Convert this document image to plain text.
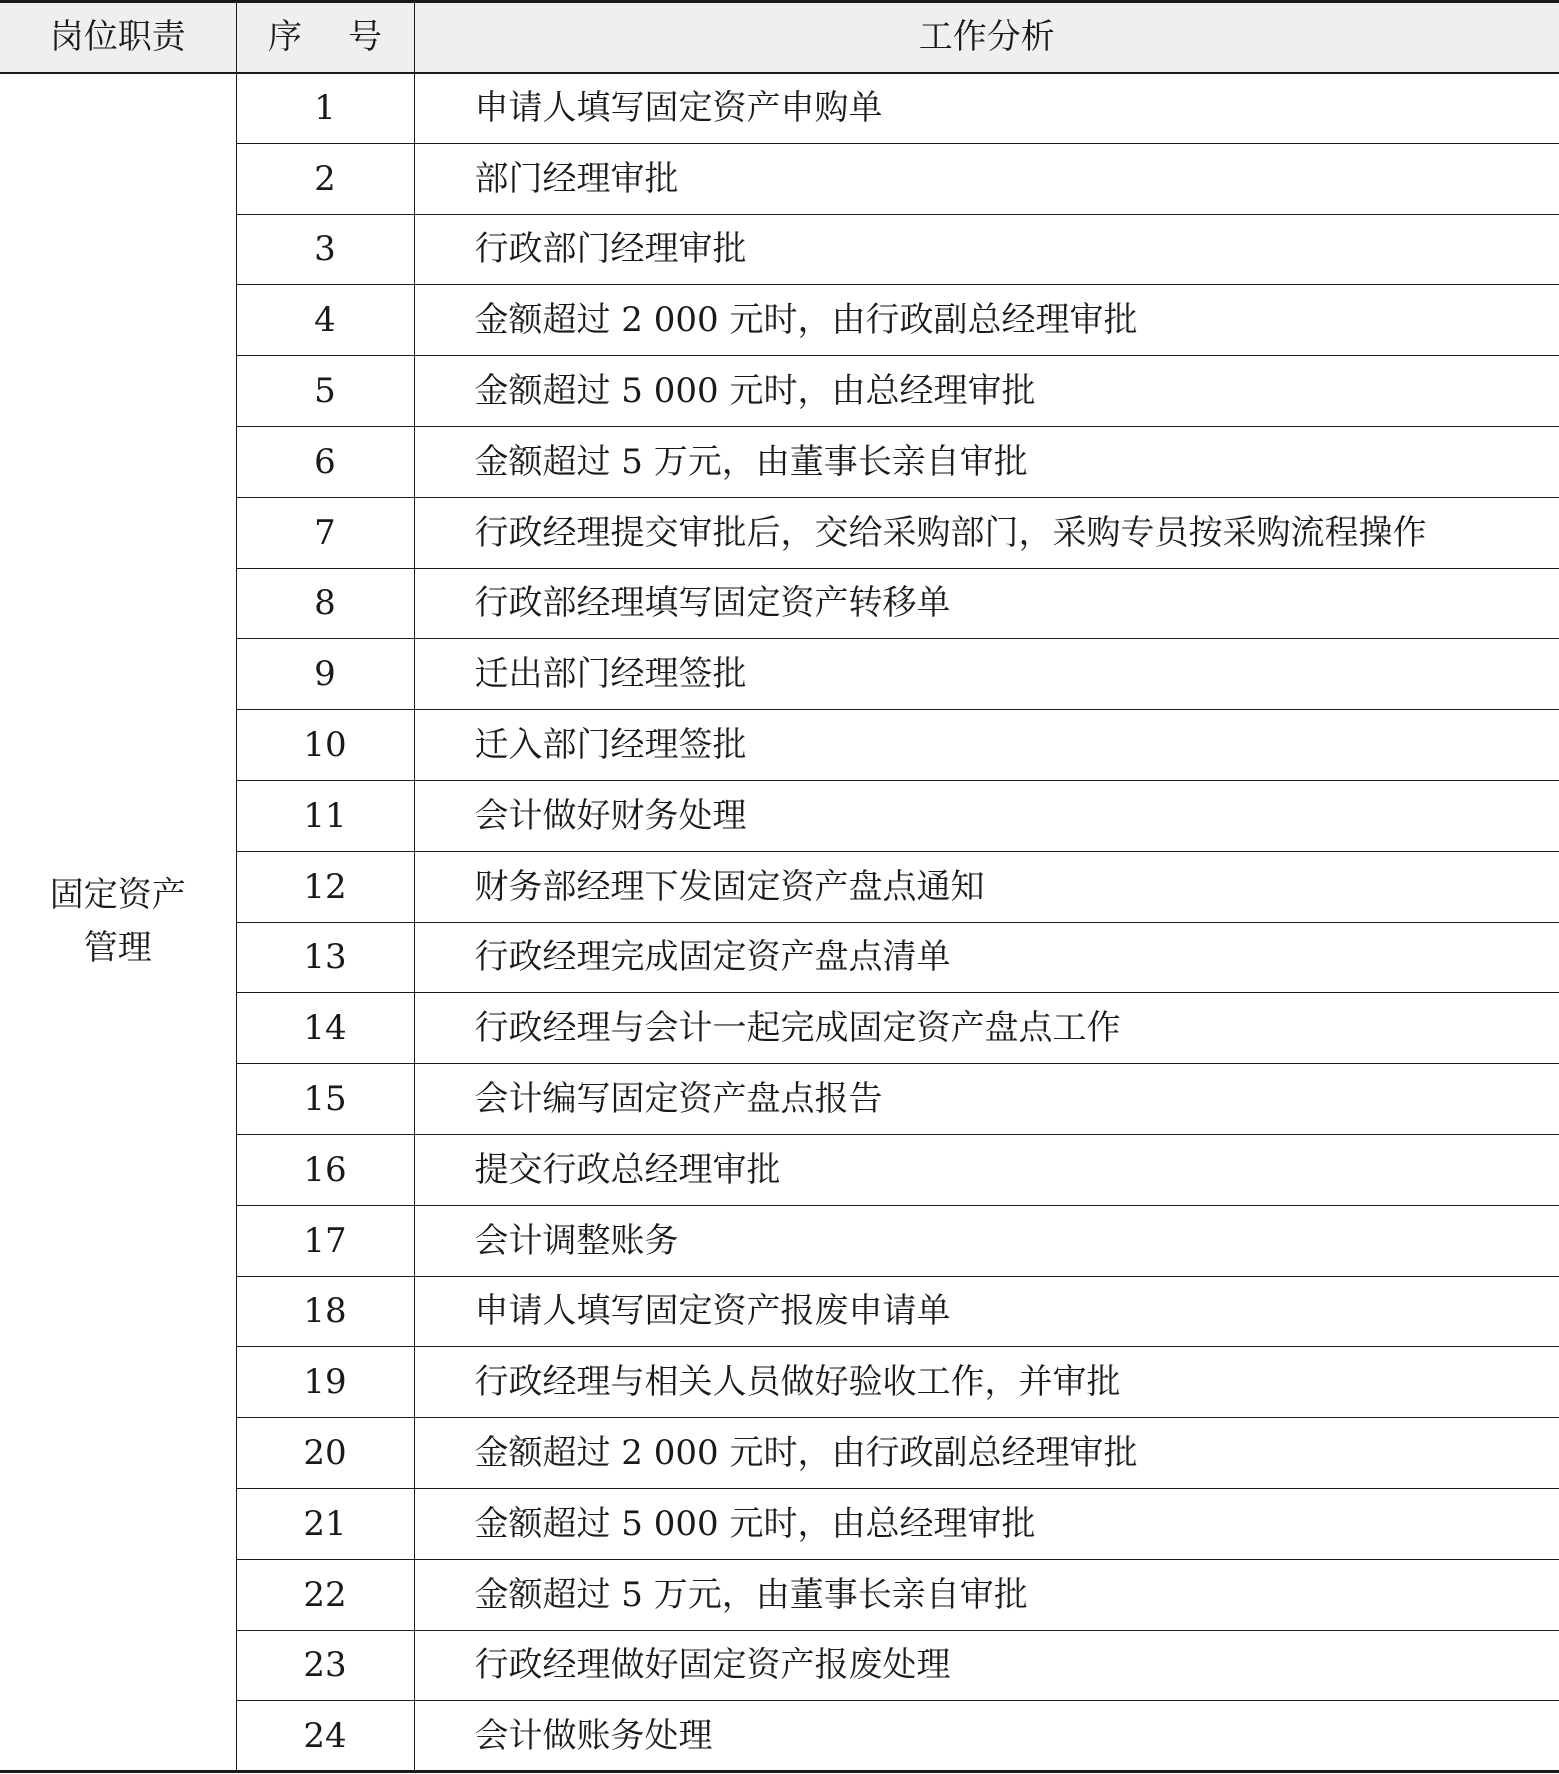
岗位职责	序 号	工作分析

固定资产
管理	1	申请人填写固定资产申购单
	2	部门经理审批
	3	行政部门经理审批
	4	金额超过 2 000 元时，由行政副总经理审批
	5	金额超过 5 000 元时，由总经理审批
	6	金额超过 5 万元，由董事长亲自审批
	7	行政经理提交审批后，交给采购部门，采购专员按采购流程操作
	8	行政部经理填写固定资产转移单
	9	迁出部门经理签批
	10	迁入部门经理签批
	11	会计做好财务处理
	12	财务部经理下发固定资产盘点通知
	13	行政经理完成固定资产盘点清单
	14	行政经理与会计一起完成固定资产盘点工作
	15	会计编写固定资产盘点报告
	16	提交行政总经理审批
	17	会计调整账务
	18	申请人填写固定资产报废申请单
	19	行政经理与相关人员做好验收工作，并审批
	20	金额超过 2 000 元时，由行政副总经理审批
	21	金额超过 5 000 元时，由总经理审批
	22	金额超过 5 万元，由董事长亲自审批
	23	行政经理做好固定资产报废处理
	24	会计做账务处理
